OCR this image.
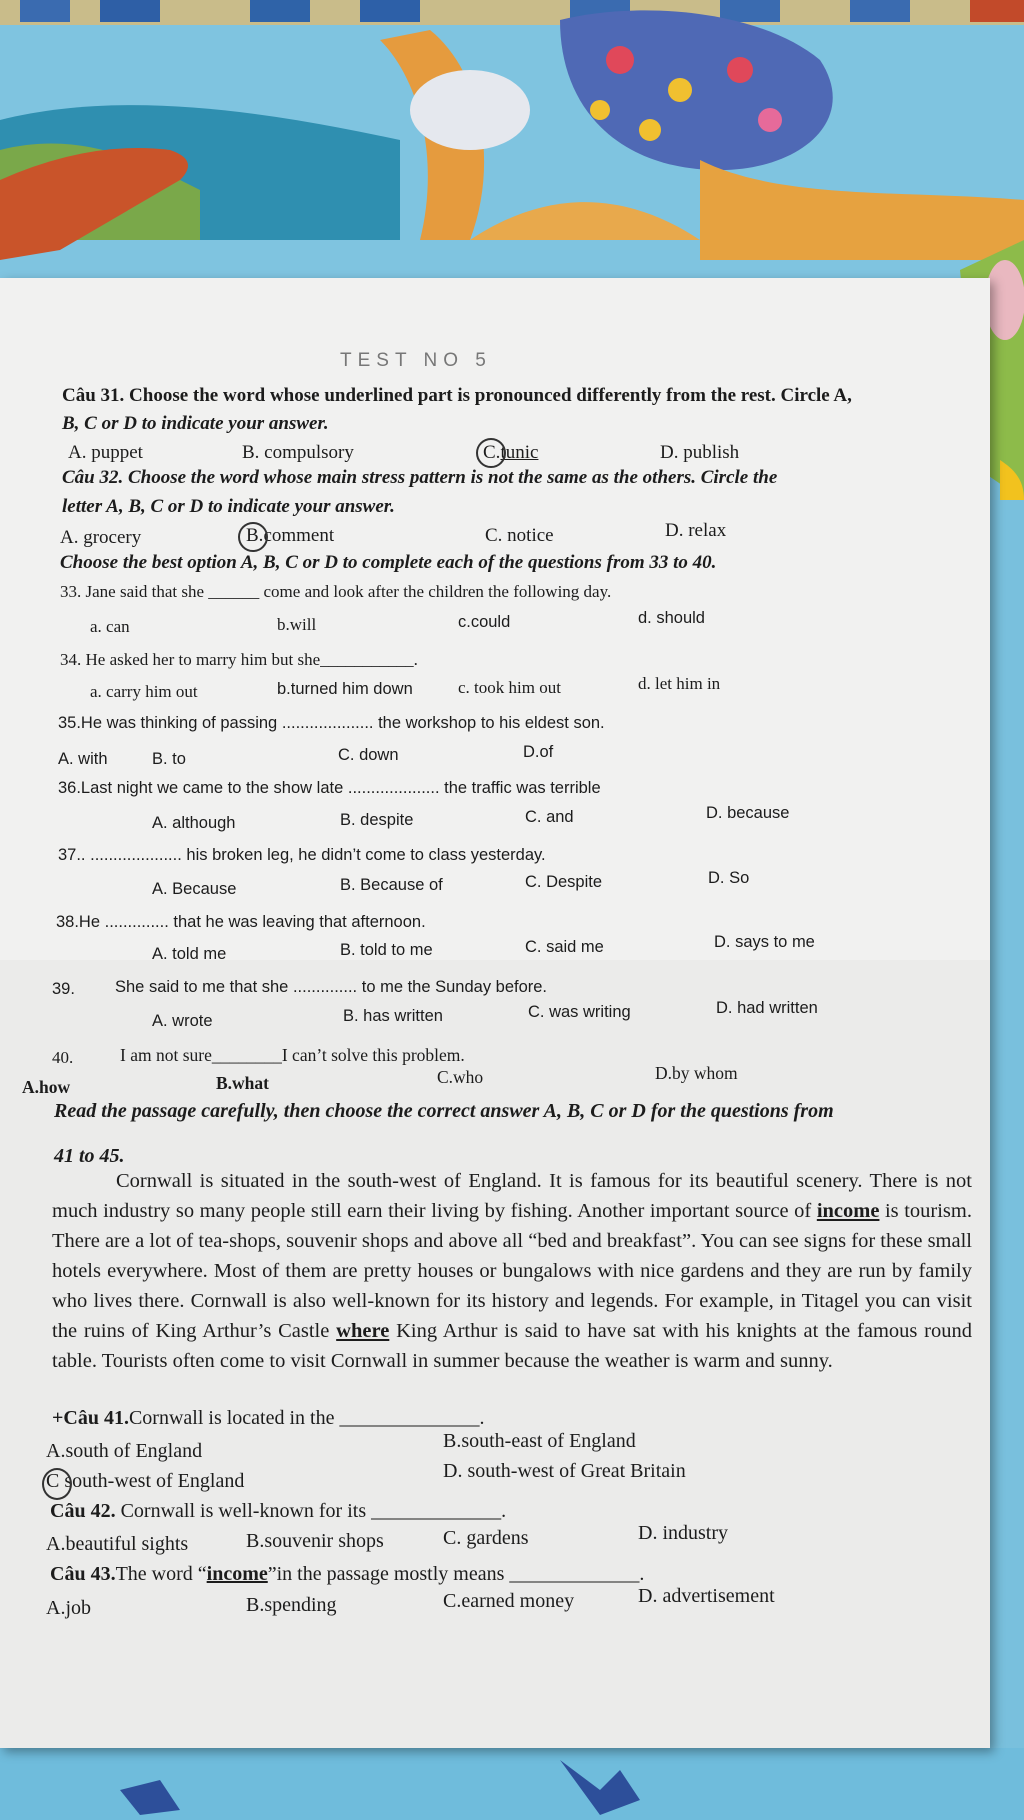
TEST NO 5
Câu 31. Choose the word whose underlined part is pronounced differently from the rest. Circle A,
B, C or D to indicate your answer.
A. puppet	B. compulsory	C.tunic	D. publish
Câu 32. Choose the word whose main stress pattern is not the same as the others. Circle the
letter A, B, C or D to indicate your answer.
A. grocery	B.comment	C. notice	D. relax
Choose the best option A, B, C or D to complete each of the questions from 33 to 40.
33. Jane said that she ______ come and look after the children the following day.
a. can	b.will	c.could	d. should
34. He asked her to marry him but she___________.
a. carry him out	b.turned him down	c. took him out	d. let him in
35.He was thinking of passing .................... the workshop to his eldest son.
A. with	B. to	C. down	D.of
36.Last night we came to the show late .................... the traffic was terrible
A. although	B. despite	C. and	D. because
37.. .................... his broken leg, he didn’t come to class yesterday.
A. Because	B. Because of	C. Despite	D. So
38.He .............. that he was leaving that afternoon.
A. told me	B. told to me	C. said me	D. says to me
39. She said to me that she .............. to me the Sunday before.
A. wrote	B. has written	C. was writing	D. had written
40.	I am not sure________I can’t solve this problem.
A.how	B.what	C.who	D.by whom
Read the passage carefully, then choose the correct answer A, B, C or D for the questions from
41 to 45.
Cornwall is situated in the south-west of England. It is famous for its beautiful scenery. There is not much industry so many people still earn their living by fishing. Another important source of income is tourism. There are a lot of tea-shops, souvenir shops and above all “bed and breakfast”. You can see signs for these small hotels everywhere. Most of them are pretty houses or bungalows with nice gardens and they are run by family who lives there. Cornwall is also well-known for its history and legends. For example, in Titagel you can visit the ruins of King Arthur’s Castle where King Arthur is said to have sat with his knights at the famous round table. Tourists often come to visit Cornwall in summer because the weather is warm and sunny.
+Câu 41.Cornwall is located in the ______________.
A.south of England	B.south-east of England
C south-west of England	D. south-west of Great Britain
Câu 42. Cornwall is well-known for its _____________.
A.beautiful sights	B.souvenir shops	C. gardens	D. industry
Câu 43.The word “income”in the passage mostly means _____________.
A.job	B.spending	C.earned money	D. advertisement
